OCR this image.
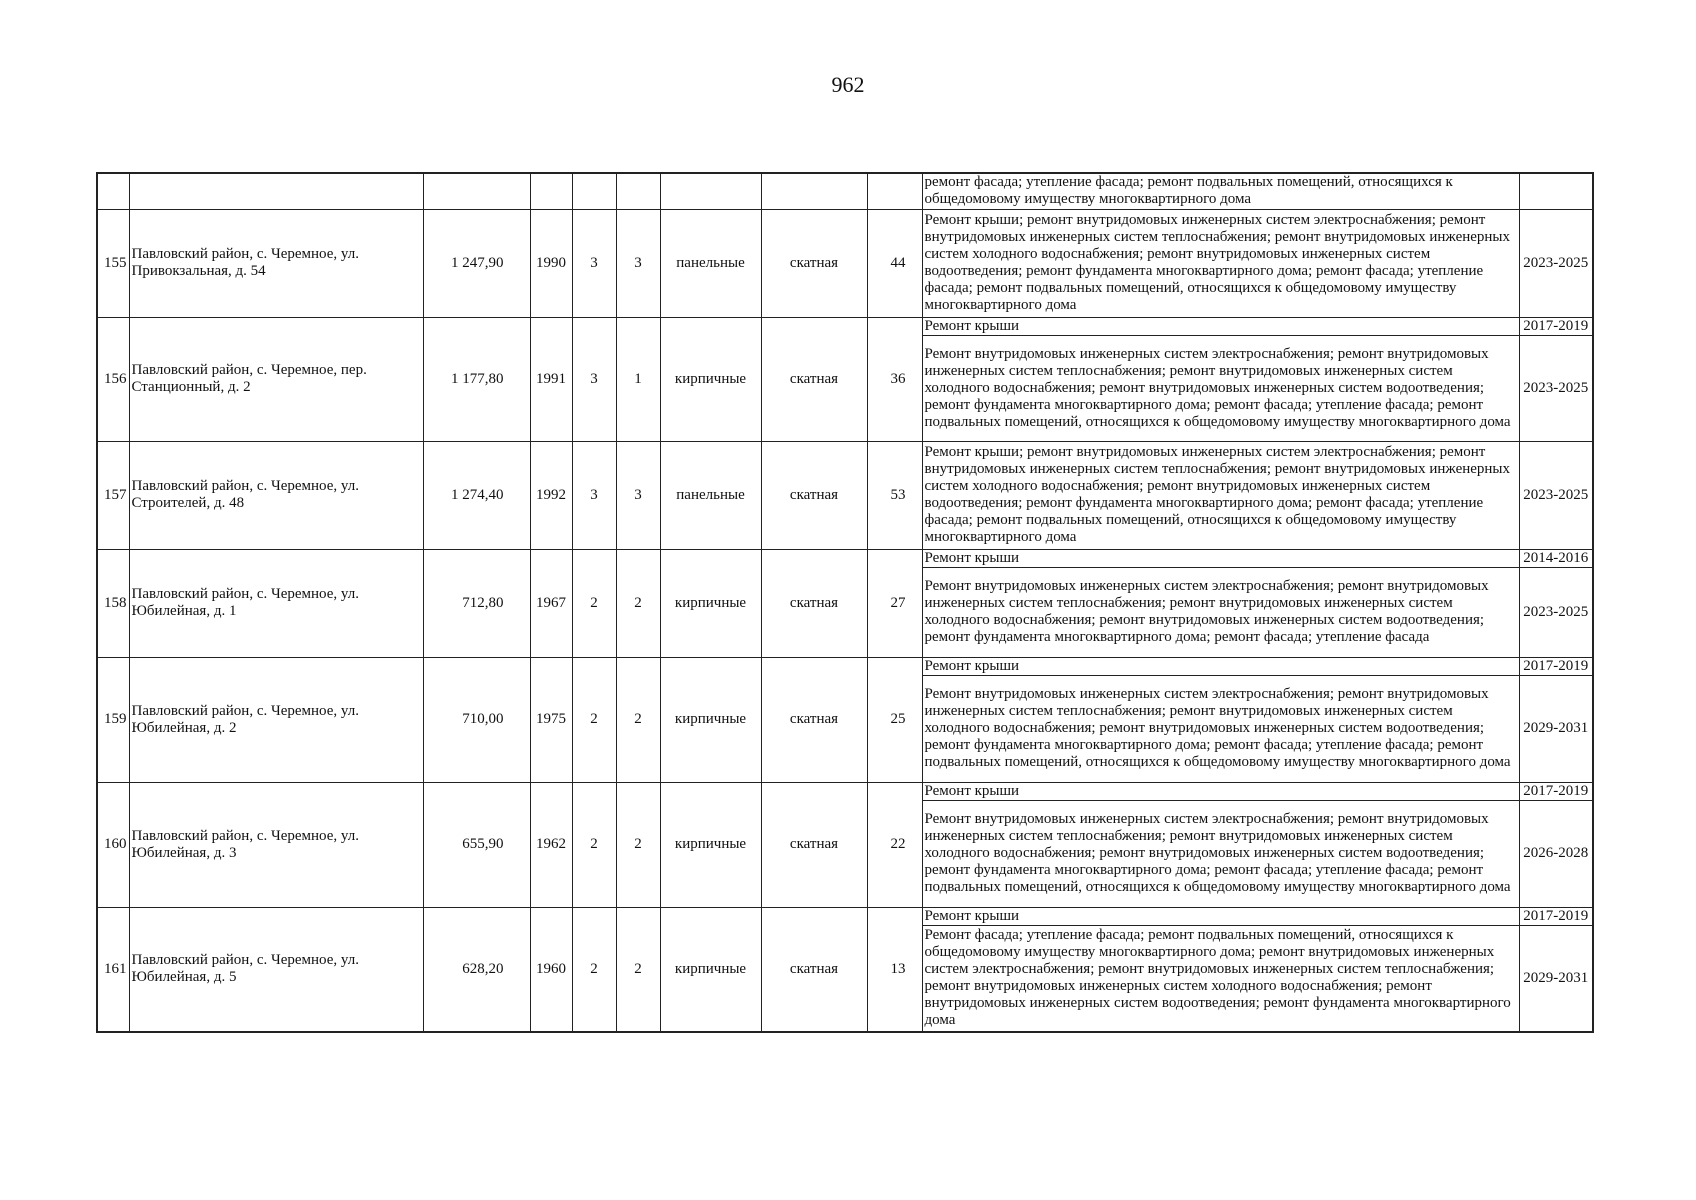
962
									ремонт фасада; утепление фасада; ремонт подвальных помещений, относящихся к общедомовому имуществу многоквартирного дома	
155	Павловский район, с. Черемное, ул. Привокзальная, д. 54	1 247,90	1990	3	3	панельные	скатная	44	Ремонт крыши; ремонт внутридомовых инженерных систем электроснабжения; ремонт внутридомовых инженерных систем теплоснабжения; ремонт внутридомовых инженерных систем холодного водоснабжения; ремонт внутридомовых инженерных систем водоотведения; ремонт фундамента многоквартирного дома; ремонт фасада; утепление фасада; ремонт подвальных помещений, относящихся к общедомовому имуществу многоквартирного дома	2023-2025
156	Павловский район, с. Черемное, пер. Станционный, д. 2	1 177,80	1991	3	1	кирпичные	скатная	36	Ремонт крыши	2017-2019
									Ремонт внутридомовых инженерных систем электроснабжения; ремонт внутридомовых инженерных систем теплоснабжения; ремонт внутридомовых инженерных систем холодного водоснабжения; ремонт внутридомовых инженерных систем водоотведения; ремонт фундамента многоквартирного дома; ремонт фасада; утепление фасада; ремонт подвальных помещений, относящихся к общедомовому имуществу многоквартирного дома	2023-2025
157	Павловский район, с. Черемное, ул. Строителей, д. 48	1 274,40	1992	3	3	панельные	скатная	53	Ремонт крыши; ремонт внутридомовых инженерных систем электроснабжения; ремонт внутридомовых инженерных систем теплоснабжения; ремонт внутридомовых инженерных систем холодного водоснабжения; ремонт внутридомовых инженерных систем водоотведения; ремонт фундамента многоквартирного дома; ремонт фасада; утепление фасада; ремонт подвальных помещений, относящихся к общедомовому имуществу многоквартирного дома	2023-2025
158	Павловский район, с. Черемное, ул. Юбилейная, д. 1	712,80	1967	2	2	кирпичные	скатная	27	Ремонт крыши	2014-2016
									Ремонт внутридомовых инженерных систем электроснабжения; ремонт внутридомовых инженерных систем теплоснабжения; ремонт внутридомовых инженерных систем холодного водоснабжения; ремонт внутридомовых инженерных систем водоотведения; ремонт фундамента многоквартирного дома; ремонт фасада; утепление фасада	2023-2025
159	Павловский район, с. Черемное, ул. Юбилейная, д. 2	710,00	1975	2	2	кирпичные	скатная	25	Ремонт крыши	2017-2019
									Ремонт внутридомовых инженерных систем электроснабжения; ремонт внутридомовых инженерных систем теплоснабжения; ремонт внутридомовых инженерных систем холодного водоснабжения; ремонт внутридомовых инженерных систем водоотведения; ремонт фундамента многоквартирного дома; ремонт фасада; утепление фасада; ремонт подвальных помещений, относящихся к общедомовому имуществу многоквартирного дома	2029-2031
160	Павловский район, с. Черемное, ул. Юбилейная, д. 3	655,90	1962	2	2	кирпичные	скатная	22	Ремонт крыши	2017-2019
									Ремонт внутридомовых инженерных систем электроснабжения; ремонт внутридомовых инженерных систем теплоснабжения; ремонт внутридомовых инженерных систем холодного водоснабжения; ремонт внутридомовых инженерных систем водоотведения; ремонт фундамента многоквартирного дома; ремонт фасада; утепление фасада; ремонт подвальных помещений, относящихся к общедомовому имуществу многоквартирного дома	2026-2028
161	Павловский район, с. Черемное, ул. Юбилейная, д. 5	628,20	1960	2	2	кирпичные	скатная	13	Ремонт крыши	2017-2019
									Ремонт фасада; утепление фасада; ремонт подвальных помещений, относящихся к общедомовому имуществу многоквартирного дома; ремонт внутридомовых инженерных систем электроснабжения; ремонт внутридомовых инженерных систем теплоснабжения; ремонт внутридомовых инженерных систем холодного водоснабжения; ремонт внутридомовых инженерных систем водоотведения; ремонт фундамента многоквартирного дома	2029-2031
